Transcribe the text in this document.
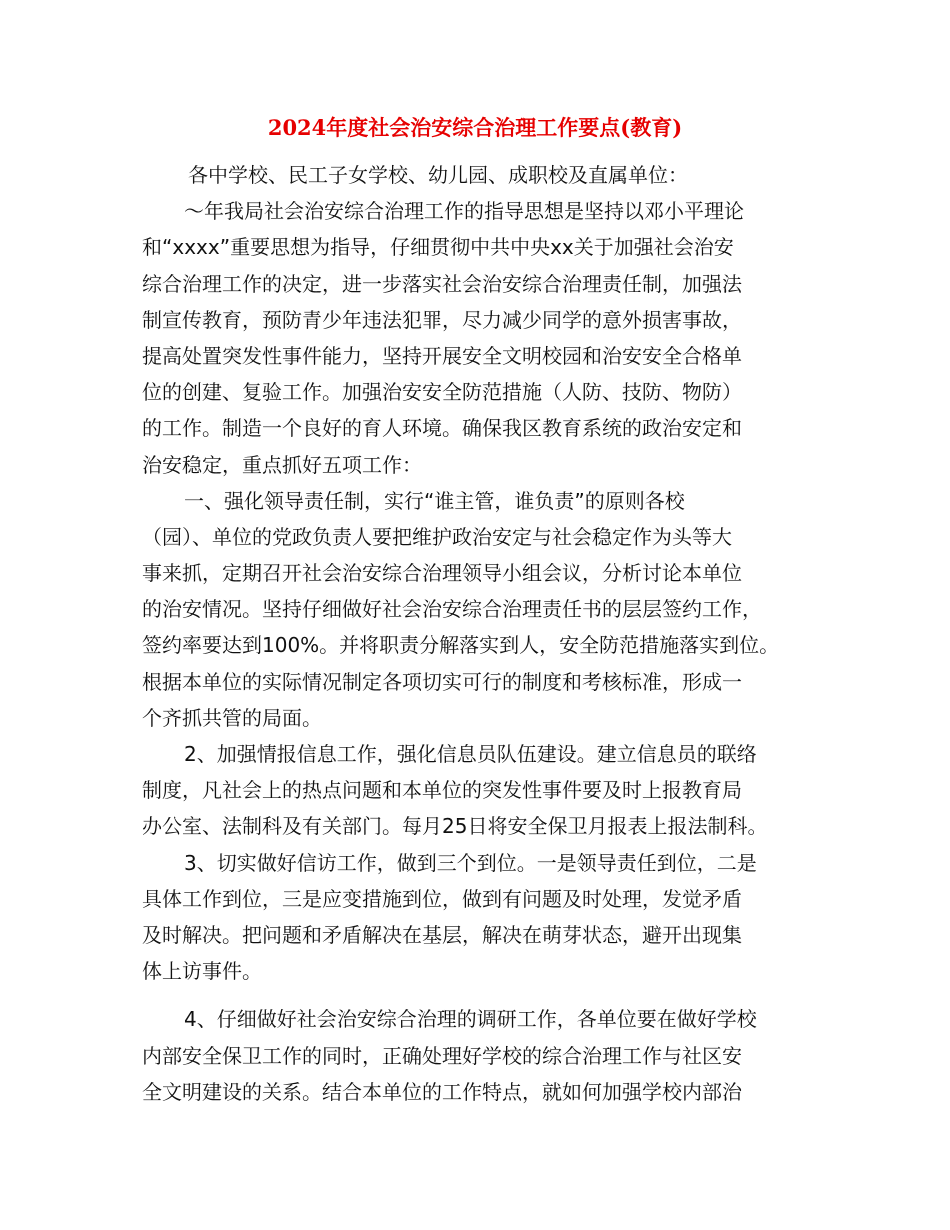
2024年度社会治安综合治理工作要点(教育)
各中学校、民工子女学校、幼儿园、成职校及直属单位：
～年我局社会治安综合治理工作的指导思想是坚持以邓小平理论
和“xxxx”重要思想为指导，仔细贯彻中共中央xx关于加强社会治安
综合治理工作的决定，进一步落实社会治安综合治理责任制，加强法
制宣传教育，预防青少年违法犯罪，尽力减少同学的意外损害事故，
提高处置突发性事件能力，坚持开展安全文明校园和治安安全合格单
位的创建、复验工作。加强治安安全防范措施（人防、技防、物防）
的工作。制造一个良好的育人环境。确保我区教育系统的政治安定和
治安稳定，重点抓好五项工作：
一、强化领导责任制，实行“谁主管，谁负责”的原则各校
（园）、单位的党政负责人要把维护政治安定与社会稳定作为头等大
事来抓，定期召开社会治安综合治理领导小组会议，分析讨论本单位
的治安情况。坚持仔细做好社会治安综合治理责任书的层层签约工作，
签约率要达到100%。并将职责分解落实到人，安全防范措施落实到位。
根据本单位的实际情况制定各项切实可行的制度和考核标准，形成一
个齐抓共管的局面。
2、加强情报信息工作，强化信息员队伍建设。建立信息员的联络
制度，凡社会上的热点问题和本单位的突发性事件要及时上报教育局
办公室、法制科及有关部门。每月25日将安全保卫月报表上报法制科。
3、切实做好信访工作，做到三个到位。一是领导责任到位，二是
具体工作到位，三是应变措施到位，做到有问题及时处理，发觉矛盾
及时解决。把问题和矛盾解决在基层，解决在萌芽状态，避开出现集
体上访事件。
4、仔细做好社会治安综合治理的调研工作，各单位要在做好学校
内部安全保卫工作的同时，正确处理好学校的综合治理工作与社区安
全文明建设的关系。结合本单位的工作特点，就如何加强学校内部治
